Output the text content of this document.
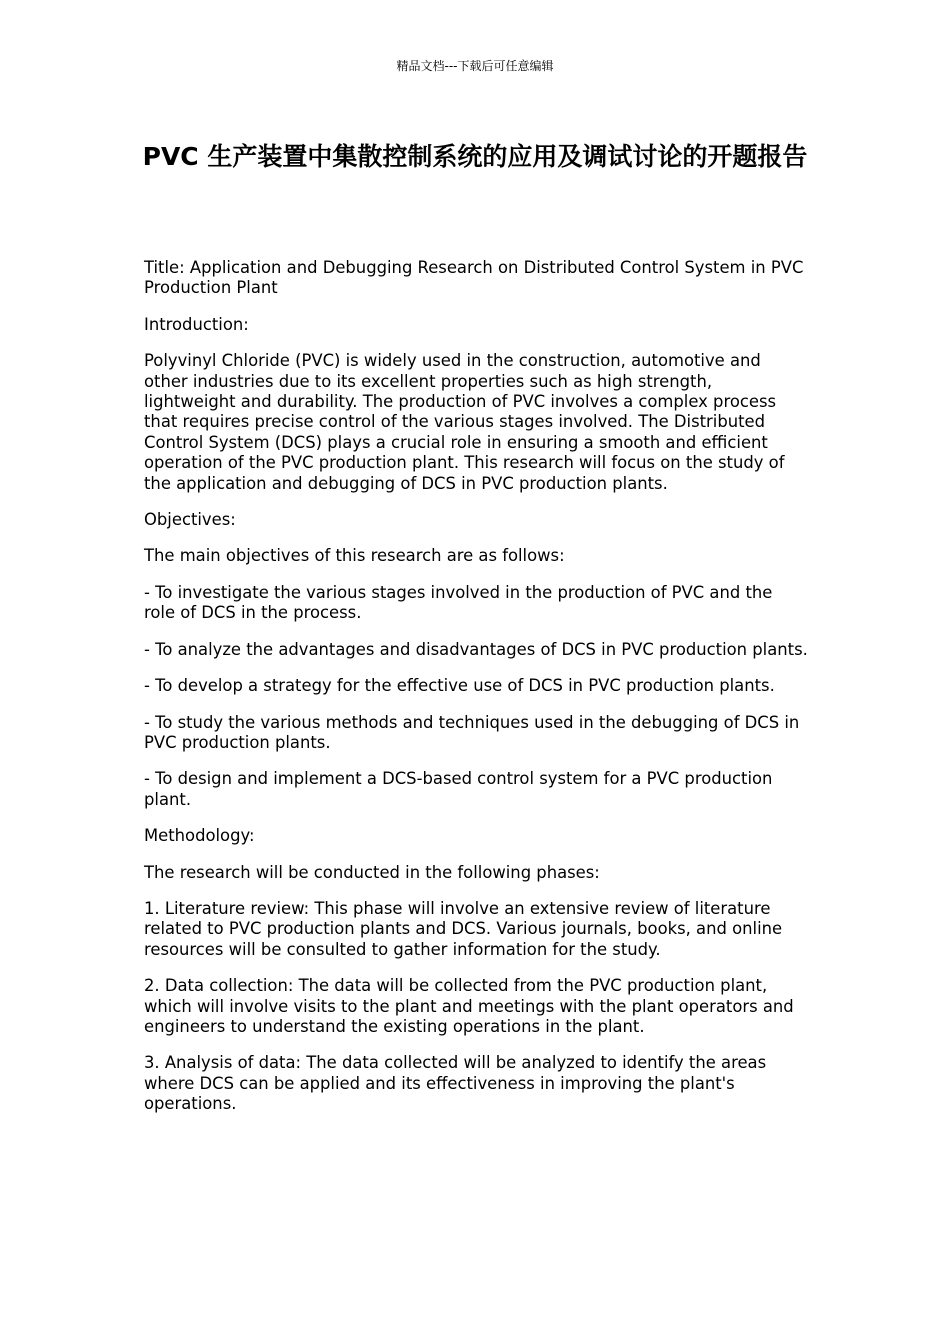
精品文档---下载后可任意编辑
PVC 生产装置中集散控制系统的应用及调试讨论的开题报告

Title: Application and Debugging Research on Distributed Control System in PVC Production Plant

Introduction:

Polyvinyl Chloride (PVC) is widely used in the construction, automotive and other industries due to its excellent properties such as high strength, lightweight and durability. The production of PVC involves a complex process that requires precise control of the various stages involved. The Distributed Control System (DCS) plays a crucial role in ensuring a smooth and efficient operation of the PVC production plant. This research will focus on the study of the application and debugging of DCS in PVC production plants.

Objectives:

The main objectives of this research are as follows:

- To investigate the various stages involved in the production of PVC and the role of DCS in the process.

- To analyze the advantages and disadvantages of DCS in PVC production plants.

- To develop a strategy for the effective use of DCS in PVC production plants.

- To study the various methods and techniques used in the debugging of DCS in PVC production plants.

- To design and implement a DCS-based control system for a PVC production plant.

Methodology:

The research will be conducted in the following phases:

1. Literature review: This phase will involve an extensive review of literature related to PVC production plants and DCS. Various journals, books, and online resources will be consulted to gather information for the study.

2. Data collection: The data will be collected from the PVC production plant, which will involve visits to the plant and meetings with the plant operators and engineers to understand the existing operations in the plant.

3. Analysis of data: The data collected will be analyzed to identify the areas where DCS can be applied and its effectiveness in improving the plant's operations.
